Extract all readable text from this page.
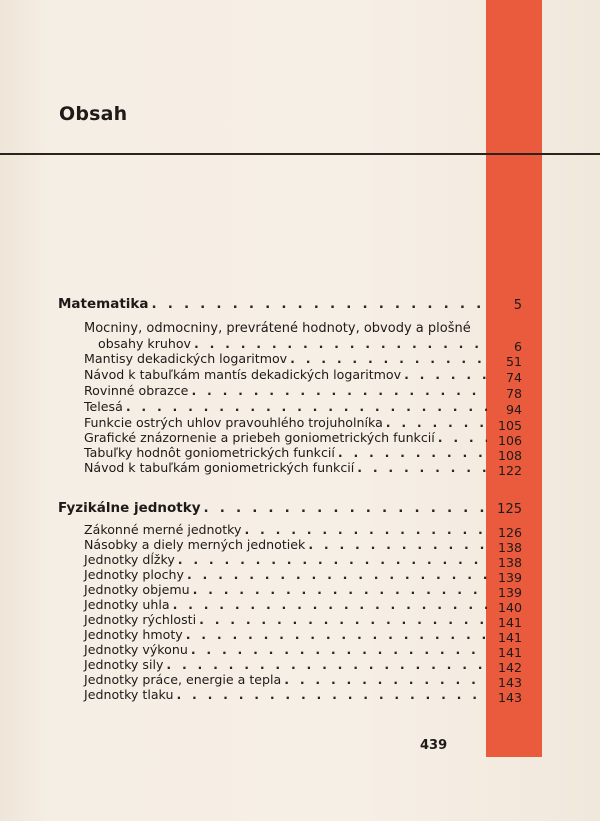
Obsah
Matematika . . .	5
Mocniny, odmocniny, prevrátené hodnoty, obvody a plošné
obsahy kruhov . . .	6
Mantisy dekadických logaritmov . . .	51
Návod k tabuľkám mantís dekadických logaritmov . . .	74
Rovinné obrazce . . .	78
Telesá . . .	94
Funkcie ostrých uhlov pravouhlého trojuholníka . . .	105
Grafické znázornenie a priebeh goniometrických funkcií . . .	106
Tabuľky hodnôt goniometrických funkcií . . .	108
Návod k tabuľkám goniometrických funkcií . . .	122
Fyzikálne jednotky . . .	125
Zákonné merné jednotky . . .	126
Násobky a diely merných jednotiek . . .	138
Jednotky dĺžky . . .	138
Jednotky plochy . . .	139
Jednotky objemu . . .	139
Jednotky uhla . . .	140
Jednotky rýchlosti . . .	141
Jednotky hmoty . . .	141
Jednotky výkonu . . .	141
Jednotky sily . . .	142
Jednotky práce, energie a tepla . . .	143
Jednotky tlaku . . .	143
439
